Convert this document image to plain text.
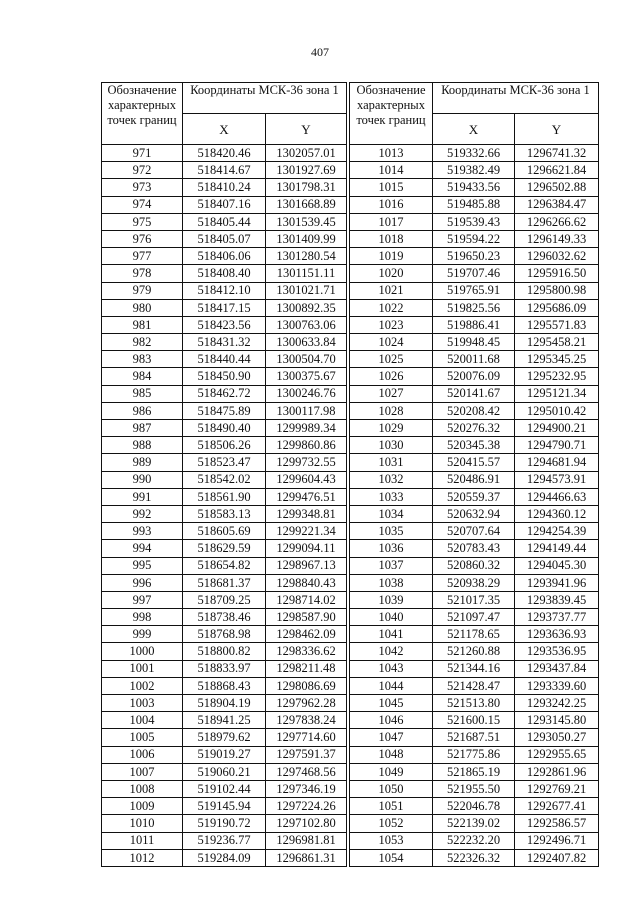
407
Обозначение характерных точек границ	Координаты МСК-36 зона 1	
	X	Y
971	518420.46	1302057.01
972	518414.67	1301927.69
973	518410.24	1301798.31
974	518407.16	1301668.89
975	518405.44	1301539.45
976	518405.07	1301409.99
977	518406.06	1301280.54
978	518408.40	1301151.11
979	518412.10	1301021.71
980	518417.15	1300892.35
981	518423.56	1300763.06
982	518431.32	1300633.84
983	518440.44	1300504.70
984	518450.90	1300375.67
985	518462.72	1300246.76
986	518475.89	1300117.98
987	518490.40	1299989.34
988	518506.26	1299860.86
989	518523.47	1299732.55
990	518542.02	1299604.43
991	518561.90	1299476.51
992	518583.13	1299348.81
993	518605.69	1299221.34
994	518629.59	1299094.11
995	518654.82	1298967.13
996	518681.37	1298840.43
997	518709.25	1298714.02
998	518738.46	1298587.90
999	518768.98	1298462.09
1000	518800.82	1298336.62
1001	518833.97	1298211.48
1002	518868.43	1298086.69
1003	518904.19	1297962.28
1004	518941.25	1297838.24
1005	518979.62	1297714.60
1006	519019.27	1297591.37
1007	519060.21	1297468.56
1008	519102.44	1297346.19
1009	519145.94	1297224.26
1010	519190.72	1297102.80
1011	519236.77	1296981.81
1012	519284.09	1296861.31
Обозначение характерных точек границ	Координаты МСК-36 зона 1	
	X	Y
1013	519332.66	1296741.32
1014	519382.49	1296621.84
1015	519433.56	1296502.88
1016	519485.88	1296384.47
1017	519539.43	1296266.62
1018	519594.22	1296149.33
1019	519650.23	1296032.62
1020	519707.46	1295916.50
1021	519765.91	1295800.98
1022	519825.56	1295686.09
1023	519886.41	1295571.83
1024	519948.45	1295458.21
1025	520011.68	1295345.25
1026	520076.09	1295232.95
1027	520141.67	1295121.34
1028	520208.42	1295010.42
1029	520276.32	1294900.21
1030	520345.38	1294790.71
1031	520415.57	1294681.94
1032	520486.91	1294573.91
1033	520559.37	1294466.63
1034	520632.94	1294360.12
1035	520707.64	1294254.39
1036	520783.43	1294149.44
1037	520860.32	1294045.30
1038	520938.29	1293941.96
1039	521017.35	1293839.45
1040	521097.47	1293737.77
1041	521178.65	1293636.93
1042	521260.88	1293536.95
1043	521344.16	1293437.84
1044	521428.47	1293339.60
1045	521513.80	1293242.25
1046	521600.15	1293145.80
1047	521687.51	1293050.27
1048	521775.86	1292955.65
1049	521865.19	1292861.96
1050	521955.50	1292769.21
1051	522046.78	1292677.41
1052	522139.02	1292586.57
1053	522232.20	1292496.71
1054	522326.32	1292407.82
